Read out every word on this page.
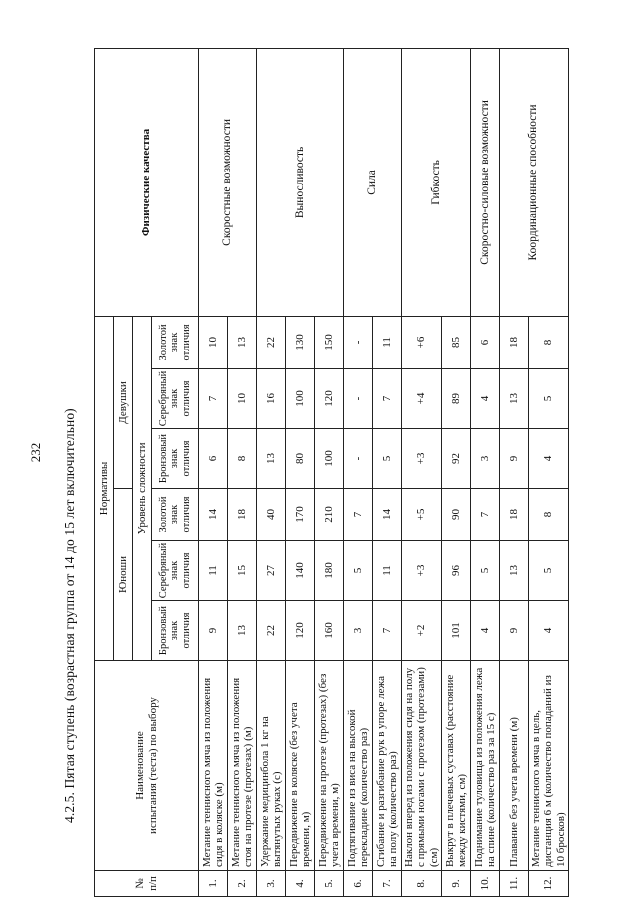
232 4.2.5. Пятая ступень (возрастная группа от 14 до 15 лет включительно)
№ п/п	Наименование испытания (теста) по выбору	Нормативы						Физические качества
		Юноши			Девушки			
		Уровень сложности						
		Бронзовый знак отличия	Серебряный знак отличия	Золотой знак отличия	Бронзовый знак отличия	Серебряный знак отличия	Золотой знак отличия	
1.	Метание теннисного мяча из положения сидя в коляске (м)	9	11	14	6	7	10	Скоростные возможности
2.	Метание теннисного мяча из положения стоя на протезе (протезах) (м)	13	15	18	8	10	13	
3.	Удержание медицинбола 1 кг на вытянутых руках (с)	22	27	40	13	16	22	Выносливость
4.	Передвижение в коляске (без учета времени, м)	120	140	170	80	100	130	
5.	Передвижение на протезе (протезах) (без учета времени, м)	160	180	210	100	120	150	
6.	Подтягивание из виса на высокой перекладине (количество раз)	3	5	7	-	-	-	Сила
7.	Сгибание и разгибание рук в упоре лежа на полу (количество раз)	7	11	14	5	7	11	
8.	Наклон вперед из положения сидя на полу с прямыми ногами с протезом (протезами) (см)	+2	+3	+5	+3	+4	+6	Гибкость
9.	Выкрут в плечевых суставах (расстояние между кистями, см)	101	96	90	92	89	85	
10.	Поднимание туловища из положения лежа на спине (количество раз за 15 с)	4	5	7	3	4	6	Скоростно-силовые возможности
11.	Плавание без учета времени (м)	9	13	18	9	13	18	Координационные способности
12.	Метание теннисного мяча в цель, дистанция 6 м (количество попаданий из 10 бросков)	4	5	8	4	5	8	
